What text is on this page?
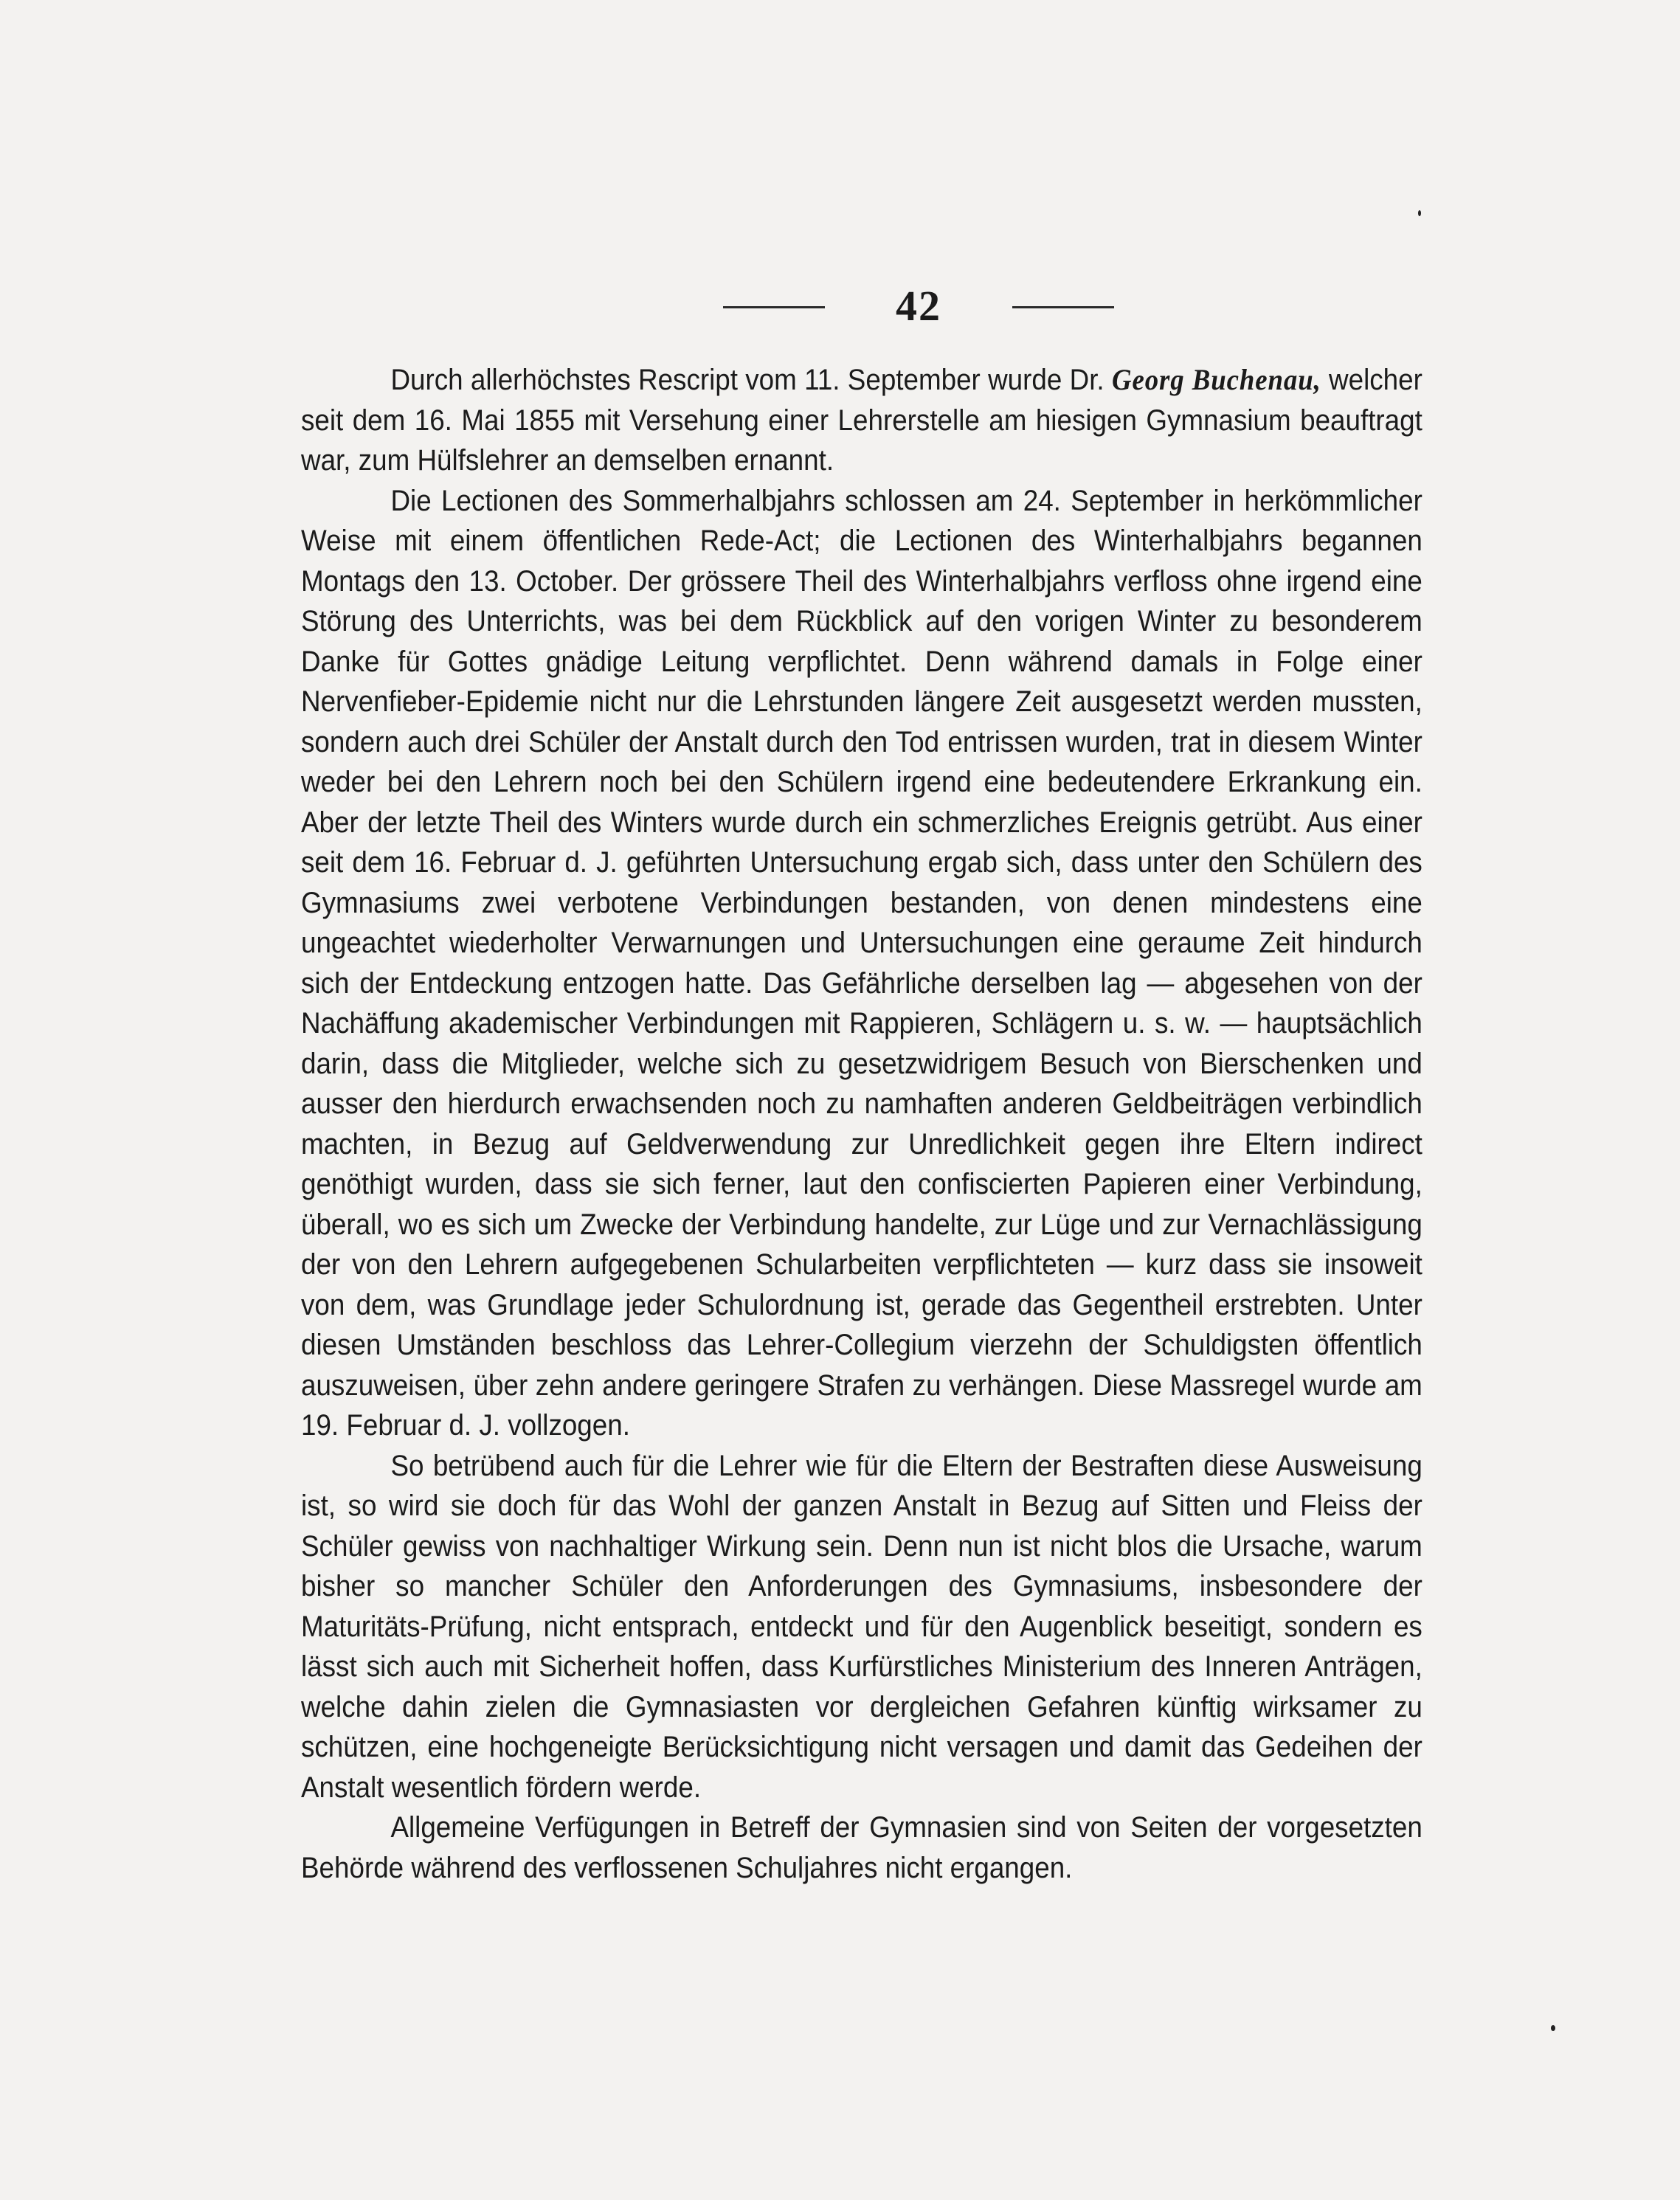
42

Durch allerhöchstes Rescript vom 11. September wurde Dr. Georg Buchenau, welcher seit dem 16. Mai 1855 mit Versehung einer Lehrerstelle am hiesigen Gymnasium beauftragt war, zum Hülfslehrer an demselben ernannt.

Die Lectionen des Sommerhalbjahrs schlossen am 24. September in herkömmlicher Weise mit einem öffentlichen Rede-Act; die Lectionen des Winterhalbjahrs begannen Montags den 13. October. Der grössere Theil des Winterhalbjahrs verfloss ohne irgend eine Störung des Unterrichts, was bei dem Rückblick auf den vorigen Winter zu besonderem Danke für Gottes gnädige Leitung verpflichtet. Denn während damals in Folge einer Nervenfieber-Epidemie nicht nur die Lehrstunden längere Zeit ausgesetzt werden mussten, sondern auch drei Schüler der Anstalt durch den Tod entrissen wurden, trat in diesem Winter weder bei den Lehrern noch bei den Schülern irgend eine bedeutendere Erkrankung ein. Aber der letzte Theil des Winters wurde durch ein schmerzliches Ereignis getrübt. Aus einer seit dem 16. Februar d. J. geführten Untersuchung ergab sich, dass unter den Schülern des Gymnasiums zwei verbotene Verbindungen bestanden, von denen mindestens eine ungeachtet wiederholter Verwarnungen und Untersuchungen eine geraume Zeit hindurch sich der Entdeckung entzogen hatte. Das Gefährliche derselben lag — abgesehen von der Nachäffung akademischer Verbindungen mit Rappieren, Schlägern u. s. w. — hauptsächlich darin, dass die Mitglieder, welche sich zu gesetzwidrigem Besuch von Bierschenken und ausser den hierdurch erwachsenden noch zu namhaften anderen Geldbeiträgen verbindlich machten, in Bezug auf Geldverwendung zur Unredlichkeit gegen ihre Eltern indirect genöthigt wurden, dass sie sich ferner, laut den confiscierten Papieren einer Verbindung, überall, wo es sich um Zwecke der Verbindung handelte, zur Lüge und zur Vernachlässigung der von den Lehrern aufgegebenen Schularbeiten verpflichteten — kurz dass sie insoweit von dem, was Grundlage jeder Schulordnung ist, gerade das Gegentheil erstrebten. Unter diesen Umständen beschloss das Lehrer-Collegium vierzehn der Schuldigsten öffentlich auszuweisen, über zehn andere geringere Strafen zu verhängen. Diese Massregel wurde am 19. Februar d. J. vollzogen.

So betrübend auch für die Lehrer wie für die Eltern der Bestraften diese Ausweisung ist, so wird sie doch für das Wohl der ganzen Anstalt in Bezug auf Sitten und Fleiss der Schüler gewiss von nachhaltiger Wirkung sein. Denn nun ist nicht blos die Ursache, warum bisher so mancher Schüler den Anforderungen des Gymnasiums, insbesondere der Maturitäts-Prüfung, nicht entsprach, entdeckt und für den Augenblick beseitigt, sondern es lässt sich auch mit Sicherheit hoffen, dass Kurfürstliches Ministerium des Inneren Anträgen, welche dahin zielen die Gymnasiasten vor dergleichen Gefahren künftig wirksamer zu schützen, eine hochgeneigte Berücksichtigung nicht versagen und damit das Gedeihen der Anstalt wesentlich fördern werde.

Allgemeine Verfügungen in Betreff der Gymnasien sind von Seiten der vorgesetzten Behörde während des verflossenen Schuljahres nicht ergangen.
